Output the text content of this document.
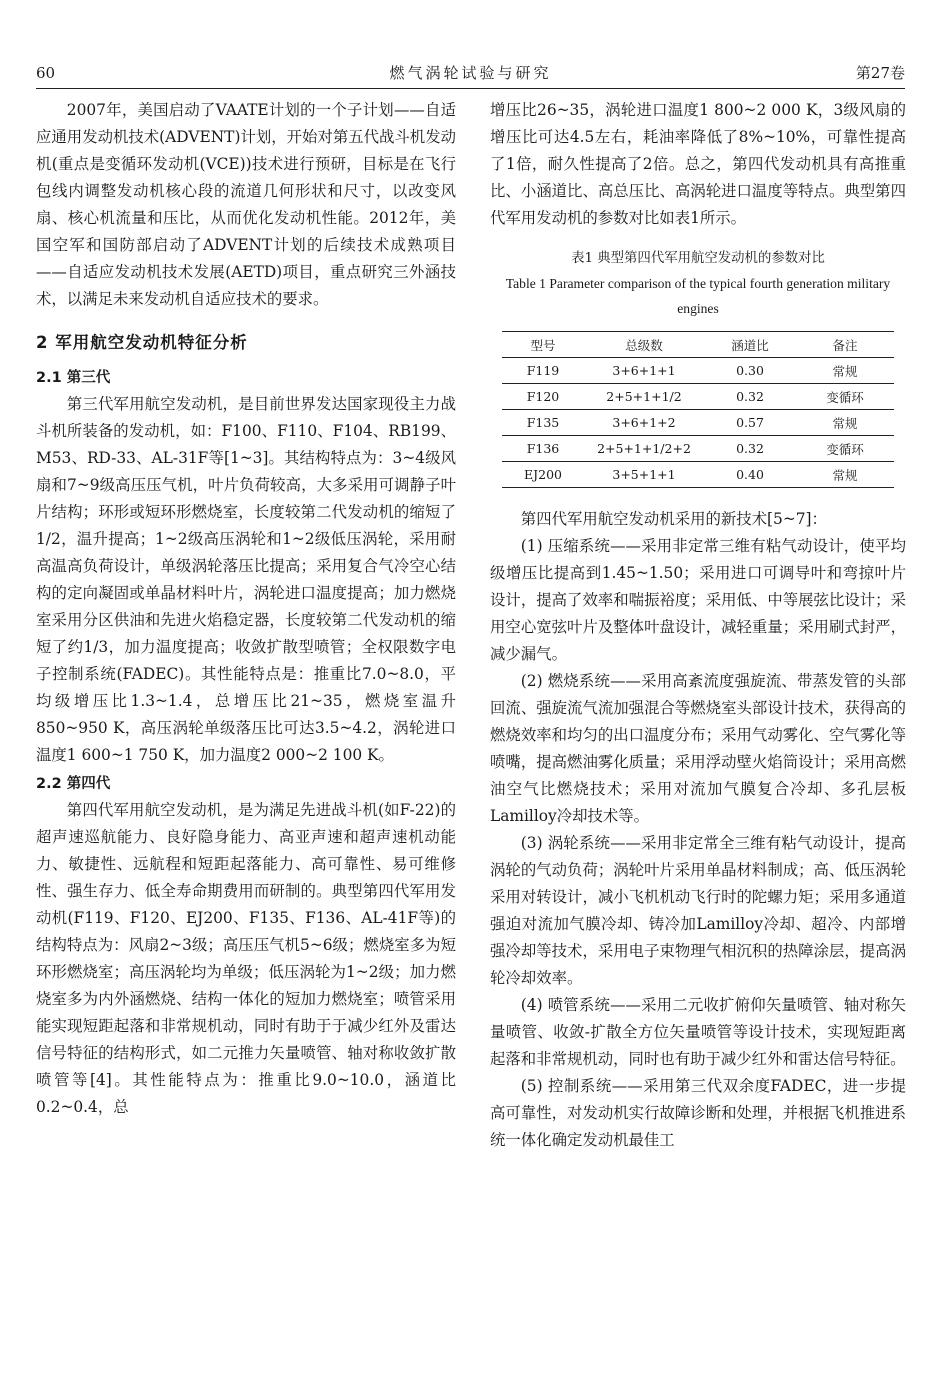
60	燃气涡轮试验与研究	第27卷

2007年，美国启动了VAATE计划的一个子计划——自适应通用发动机技术(ADVENT)计划，开始对第五代战斗机发动机(重点是变循环发动机(VCE))技术进行预研，目标是在飞行包线内调整发动机核心段的流道几何形状和尺寸，以改变风扇、核心机流量和压比，从而优化发动机性能。2012年，美国空军和国防部启动了ADVENT计划的后续技术成熟项目——自适应发动机技术发展(AETD)项目，重点研究三外涵技术，以满足未来发动机自适应技术的要求。

2 军用航空发动机特征分析
2.1 第三代

第三代军用航空发动机，是目前世界发达国家现役主力战斗机所装备的发动机，如：F100、F110、F104、RB199、M53、RD-33、AL-31F等[1~3]。其结构特点为：3~4级风扇和7~9级高压压气机，叶片负荷较高，大多采用可调静子叶片结构；环形或短环形燃烧室，长度较第二代发动机的缩短了1/2，温升提高；1~2级高压涡轮和1~2级低压涡轮，采用耐高温高负荷设计，单级涡轮落压比提高；采用复合气冷空心结构的定向凝固或单晶材料叶片，涡轮进口温度提高；加力燃烧室采用分区供油和先进火焰稳定器，长度较第二代发动机的缩短了约1/3，加力温度提高；收敛扩散型喷管；全权限数字电子控制系统(FADEC)。其性能特点是：推重比7.0~8.0，平均级增压比1.3~1.4，总增压比21~35，燃烧室温升850~950 K，高压涡轮单级落压比可达3.5~4.2，涡轮进口温度1 600~1 750 K，加力温度2 000~2 100 K。

2.2 第四代

第四代军用航空发动机，是为满足先进战斗机(如F-22)的超声速巡航能力、良好隐身能力、高亚声速和超声速机动能力、敏捷性、远航程和短距起落能力、高可靠性、易可维修性、强生存力、低全寿命期费用而研制的。典型第四代军用发动机(F119、F120、EJ200、F135、F136、AL-41F等)的结构特点为：风扇2~3级；高压压气机5~6级；燃烧室多为短环形燃烧室；高压涡轮均为单级；低压涡轮为1~2级；加力燃烧室多为内外涵燃烧、结构一体化的短加力燃烧室；喷管采用能实现短距起落和非常规机动，同时有助于于减少红外及雷达信号特征的结构形式，如二元推力矢量喷管、轴对称收敛扩散喷管等[4]。其性能特点为：推重比9.0~10.0，涵道比0.2~0.4，总

增压比26~35，涡轮进口温度1 800~2 000 K，3级风扇的增压比可达4.5左右，耗油率降低了8%~10%，可靠性提高了1倍，耐久性提高了2倍。总之，第四代发动机具有高推重比、小涵道比、高总压比、高涡轮进口温度等特点。典型第四代军用发动机的参数对比如表1所示。

表1 典型第四代军用航空发动机的参数对比

Table 1 Parameter comparison of the typical fourth generation military engines

型号	总级数	涵道比	备注
F119	3+6+1+1	0.30	常规
F120	2+5+1+1/2	0.32	变循环
F135	3+6+1+2	0.57	常规
F136	2+5+1+1/2+2	0.32	变循环
EJ200	3+5+1+1	0.40	常规

第四代军用航空发动机采用的新技术[5~7]：

(1) 压缩系统——采用非定常三维有粘气动设计，使平均级增压比提高到1.45~1.50；采用进口可调导叶和弯掠叶片设计，提高了效率和喘振裕度；采用低、中等展弦比设计；采用空心宽弦叶片及整体叶盘设计，减轻重量；采用刷式封严，减少漏气。

(2) 燃烧系统——采用高紊流度强旋流、带蒸发管的头部回流、强旋流气流加强混合等燃烧室头部设计技术，获得高的燃烧效率和均匀的出口温度分布；采用气动雾化、空气雾化等喷嘴，提高燃油雾化质量；采用浮动壁火焰筒设计；采用高燃油空气比燃烧技术；采用对流加气膜复合冷却、多孔层板Lamilloy冷却技术等。

(3) 涡轮系统——采用非定常全三维有粘气动设计，提高涡轮的气动负荷；涡轮叶片采用单晶材料制成；高、低压涡轮采用对转设计，减小飞机机动飞行时的陀螺力矩；采用多通道强迫对流加气膜冷却、铸冷加Lamilloy冷却、超冷、内部增强冷却等技术，采用电子束物理气相沉积的热障涂层，提高涡轮冷却效率。

(4) 喷管系统——采用二元收扩俯仰矢量喷管、轴对称矢量喷管、收敛-扩散全方位矢量喷管等设计技术，实现短距离起落和非常规机动，同时也有助于减少红外和雷达信号特征。

(5) 控制系统——采用第三代双余度FADEC，进一步提高可靠性，对发动机实行故障诊断和处理，并根据飞机推进系统一体化确定发动机最佳工
